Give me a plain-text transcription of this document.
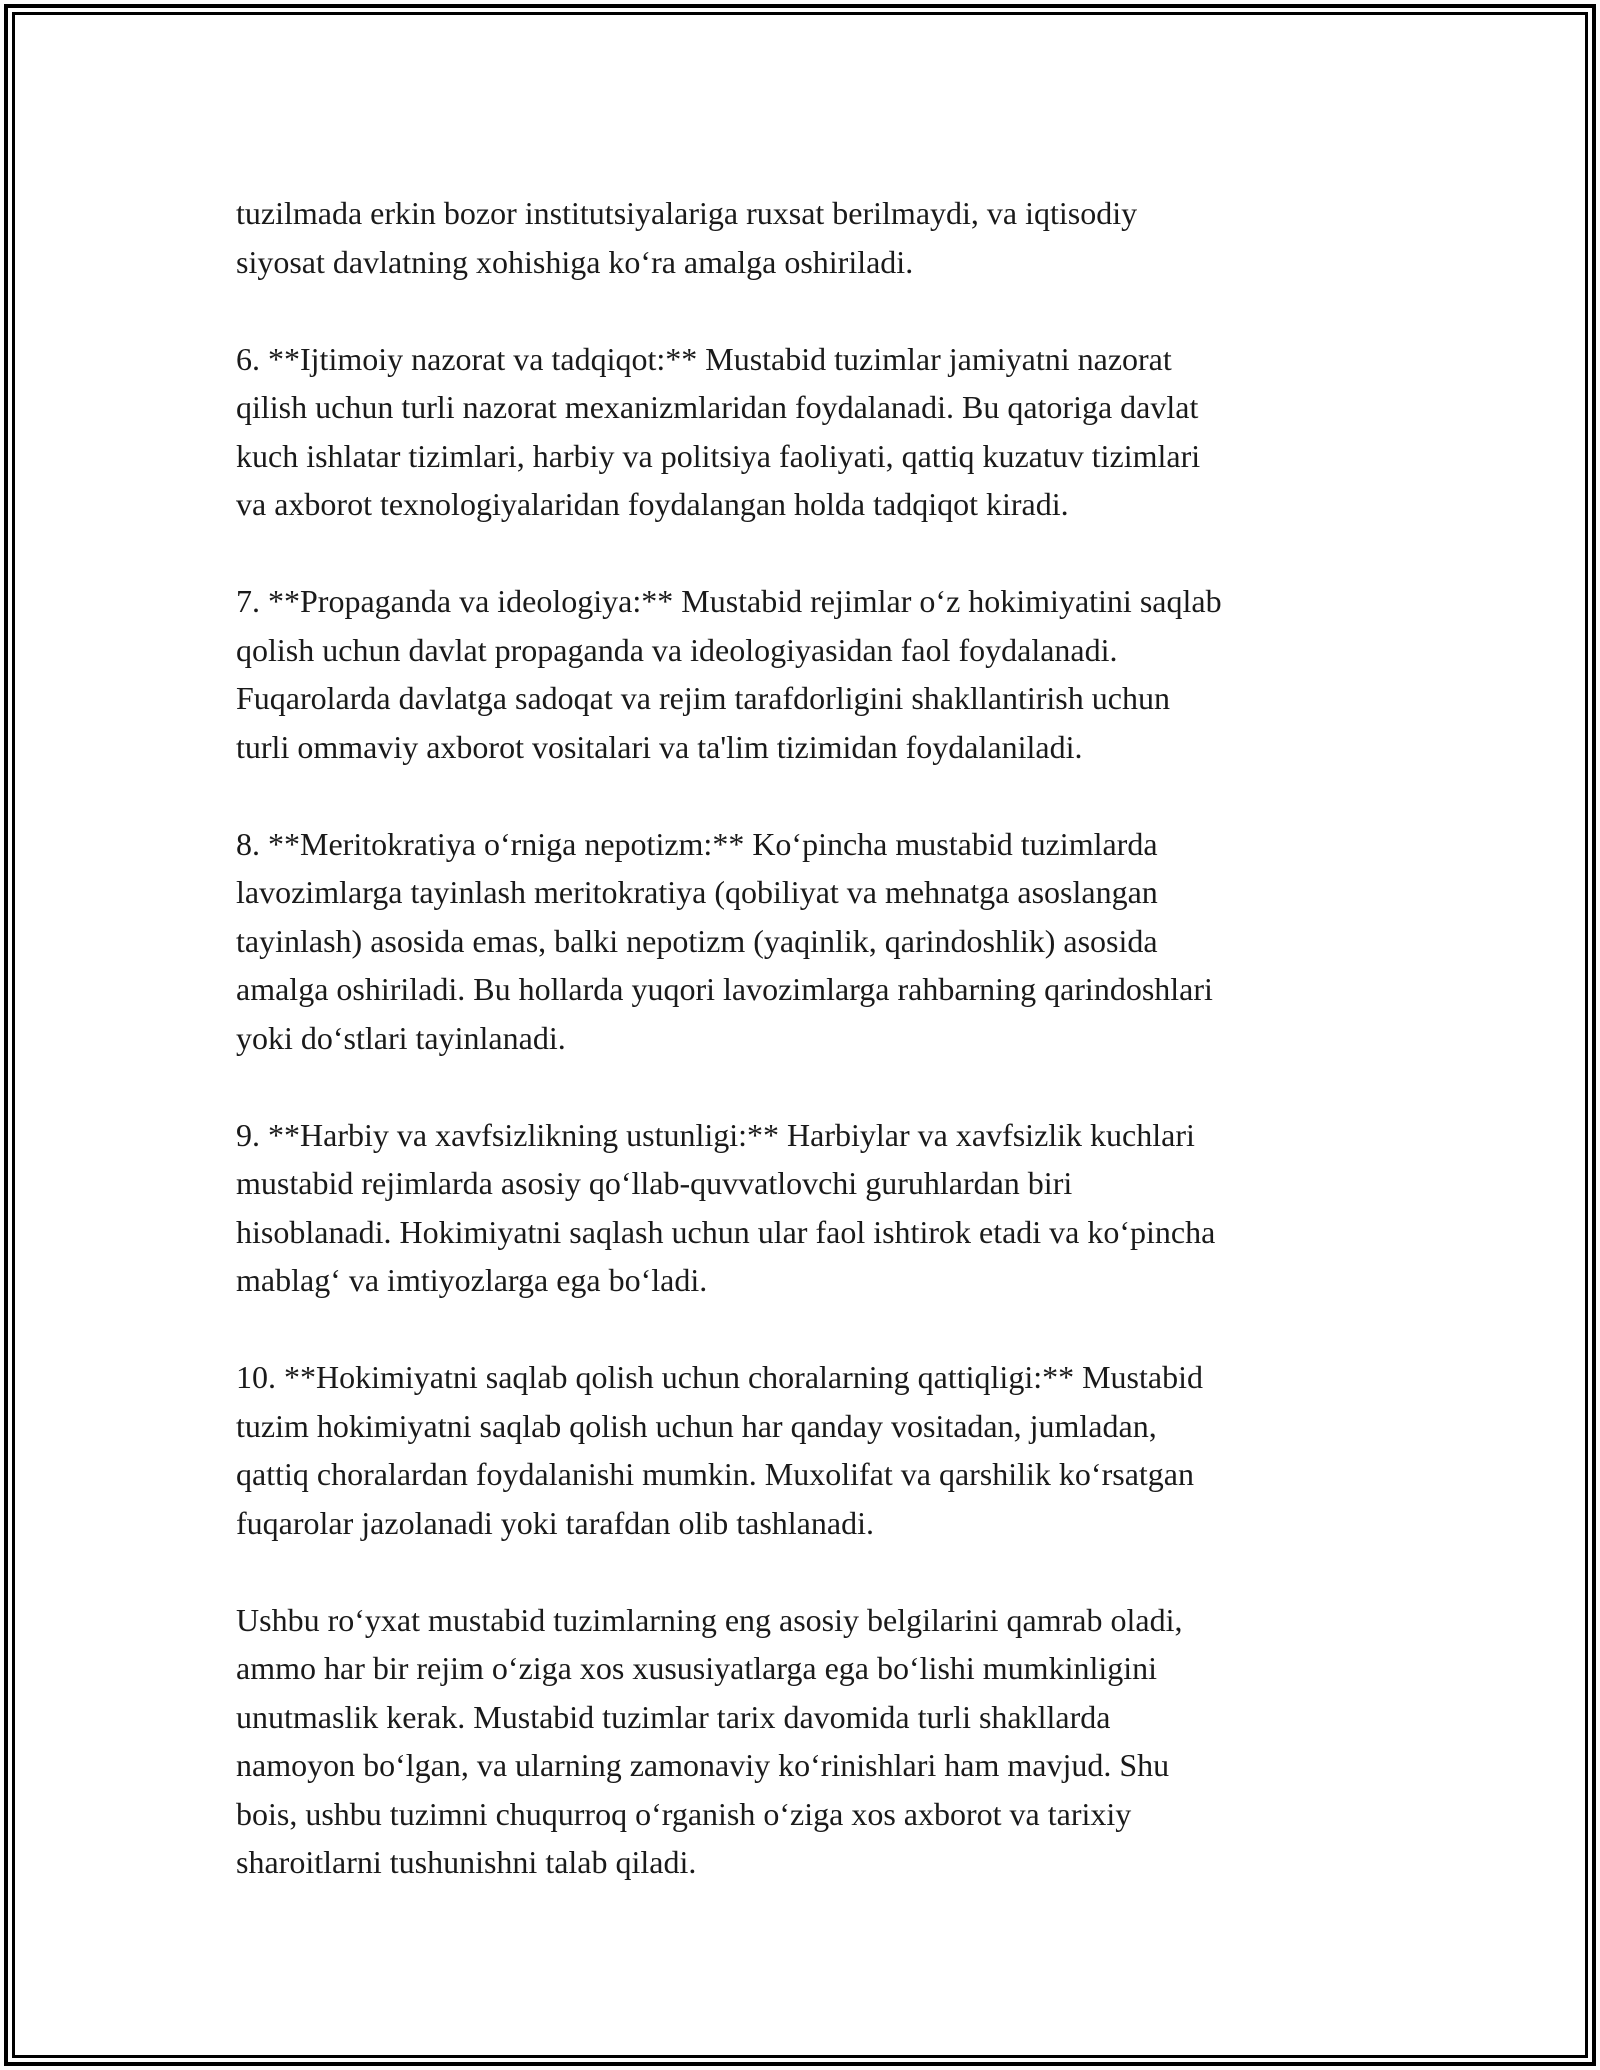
tuzilmada erkin bozor institutsiyalariga ruxsat berilmaydi, va iqtisodiy
siyosat davlatning xohishiga koʻra amalga oshiriladi.

6. **Ijtimoiy nazorat va tadqiqot:** Mustabid tuzimlar jamiyatni nazorat
qilish uchun turli nazorat mexanizmlaridan foydalanadi. Bu qatoriga davlat
kuch ishlatar tizimlari, harbiy va politsiya faoliyati, qattiq kuzatuv tizimlari
va axborot texnologiyalaridan foydalangan holda tadqiqot kiradi.

7. **Propaganda va ideologiya:** Mustabid rejimlar oʻz hokimiyatini saqlab
qolish uchun davlat propaganda va ideologiyasidan faol foydalanadi.
Fuqarolarda davlatga sadoqat va rejim tarafdorligini shakllantirish uchun
turli ommaviy axborot vositalari va ta'lim tizimidan foydalaniladi.

8. **Meritokratiya oʻrniga nepotizm:** Koʻpincha mustabid tuzimlarda
lavozimlarga tayinlash meritokratiya (qobiliyat va mehnatga asoslangan
tayinlash) asosida emas, balki nepotizm (yaqinlik, qarindoshlik) asosida
amalga oshiriladi. Bu hollarda yuqori lavozimlarga rahbarning qarindoshlari
yoki doʻstlari tayinlanadi.

9. **Harbiy va xavfsizlikning ustunligi:** Harbiylar va xavfsizlik kuchlari
mustabid rejimlarda asosiy qoʻllab-quvvatlovchi guruhlardan biri
hisoblanadi. Hokimiyatni saqlash uchun ular faol ishtirok etadi va koʻpincha
mablagʻ va imtiyozlarga ega boʻladi.

10. **Hokimiyatni saqlab qolish uchun choralarning qattiqligi:** Mustabid
tuzim hokimiyatni saqlab qolish uchun har qanday vositadan, jumladan,
qattiq choralardan foydalanishi mumkin. Muxolifat va qarshilik koʻrsatgan
fuqarolar jazolanadi yoki tarafdan olib tashlanadi.

Ushbu roʻyxat mustabid tuzimlarning eng asosiy belgilarini qamrab oladi,
ammo har bir rejim oʻziga xos xususiyatlarga ega boʻlishi mumkinligini
unutmaslik kerak. Mustabid tuzimlar tarix davomida turli shakllarda
namoyon boʻlgan, va ularning zamonaviy koʻrinishlari ham mavjud. Shu
bois, ushbu tuzimni chuqurroq oʻrganish oʻziga xos axborot va tarixiy
sharoitlarni tushunishni talab qiladi.
